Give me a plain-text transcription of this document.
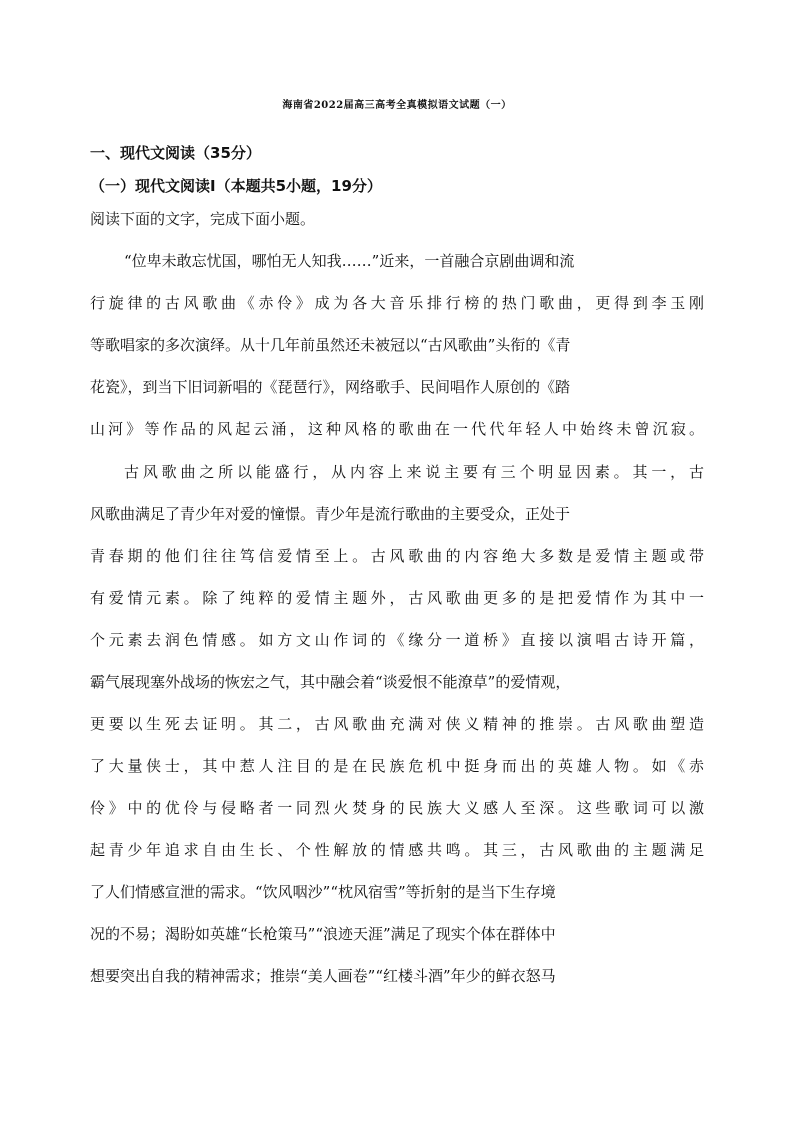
海南省2022届高三高考全真模拟语文试题（一）
一、现代文阅读（35分）
（一）现代文阅读Ⅰ（本题共5小题，19分）
阅读下面的文字，完成下面小题。
“位卑未敢忘忧国，哪怕无人知我……”近来，一首融合京剧曲调和流
行旋律的古风歌曲《赤伶》成为各大音乐排行榜的热门歌曲，更得到李玉刚
等歌唱家的多次演绎。从十几年前虽然还未被冠以“古风歌曲”头衔的《青
花瓷》，到当下旧词新唱的《琵琶行》，网络歌手、民间唱作人原创的《踏
山河》等作品的风起云涌，这种风格的歌曲在一代代年轻人中始终未曾沉寂。
古风歌曲之所以能盛行，从内容上来说主要有三个明显因素。其一，古
风歌曲满足了青少年对爱的憧憬。青少年是流行歌曲的主要受众，正处于
青春期的他们往往笃信爱情至上。古风歌曲的内容绝大多数是爱情主题或带
有爱情元素。除了纯粹的爱情主题外，古风歌曲更多的是把爱情作为其中一
个元素去润色情感。如方文山作词的《缘分一道桥》直接以演唱古诗开篇，
霸气展现塞外战场的恢宏之气，其中融会着“谈爱恨不能潦草”的爱情观，
更要以生死去证明。其二，古风歌曲充满对侠义精神的推崇。古风歌曲塑造
了大量侠士，其中惹人注目的是在民族危机中挺身而出的英雄人物。如《赤
伶》中的优伶与侵略者一同烈火焚身的民族大义感人至深。这些歌词可以激
起青少年追求自由生长、个性解放的情感共鸣。其三，古风歌曲的主题满足
了人们情感宣泄的需求。“饮风咽沙”“枕风宿雪”等折射的是当下生存境
况的不易；渴盼如英雄“长枪策马”“浪迹天涯”满足了现实个体在群体中
想要突出自我的精神需求；推崇“美人画卷”“红楼斗酒”年少的鲜衣怒马
